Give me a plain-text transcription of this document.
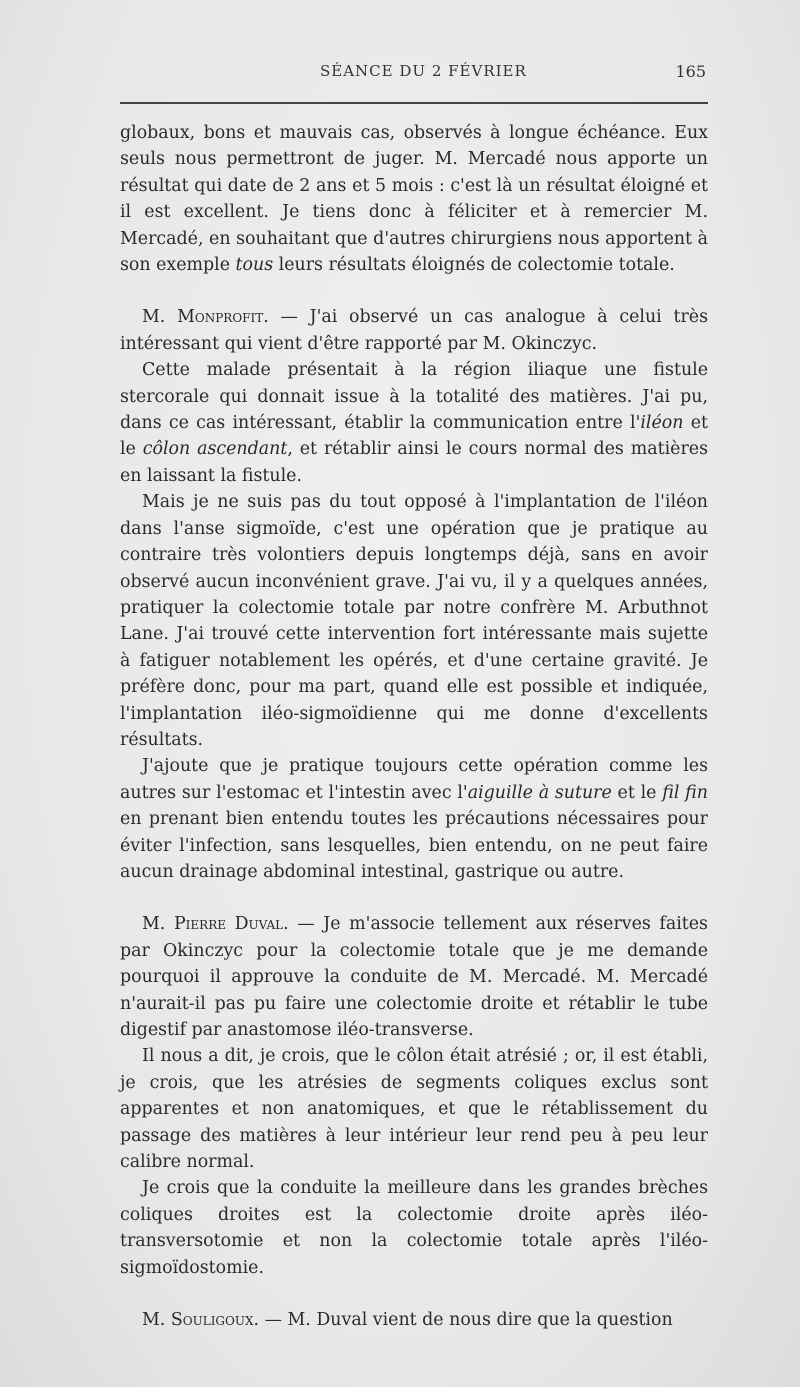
SÉANCE DU 2 FÉVRIER	165

globaux, bons et mauvais cas, observés à longue échéance. Eux seuls nous permettront de juger. M. Mercadé nous apporte un résultat qui date de 2 ans et 5 mois : c'est là un résultat éloigné et il est excellent. Je tiens donc à féliciter et à remercier M. Mercadé, en souhaitant que d'autres chirurgiens nous apportent à son exemple tous leurs résultats éloignés de colectomie totale.

M. Monprofit. — J'ai observé un cas analogue à celui très intéressant qui vient d'être rapporté par M. Okinczyc.

Cette malade présentait à la région iliaque une fistule stercorale qui donnait issue à la totalité des matières. J'ai pu, dans ce cas intéressant, établir la communication entre l'iléon et le côlon ascendant, et rétablir ainsi le cours normal des matières en laissant la fistule.

Mais je ne suis pas du tout opposé à l'implantation de l'iléon dans l'anse sigmoïde, c'est une opération que je pratique au contraire très volontiers depuis longtemps déjà, sans en avoir observé aucun inconvénient grave. J'ai vu, il y a quelques années, pratiquer la colectomie totale par notre confrère M. Arbuthnot Lane. J'ai trouvé cette intervention fort intéressante mais sujette à fatiguer notablement les opérés, et d'une certaine gravité. Je préfère donc, pour ma part, quand elle est possible et indiquée, l'implantation iléo-sigmoïdienne qui me donne d'excellents résultats.

J'ajoute que je pratique toujours cette opération comme les autres sur l'estomac et l'intestin avec l'aiguille à suture et le fil fin en prenant bien entendu toutes les précautions nécessaires pour éviter l'infection, sans lesquelles, bien entendu, on ne peut faire aucun drainage abdominal intestinal, gastrique ou autre.

M. Pierre Duval. — Je m'associe tellement aux réserves faites par Okinczyc pour la colectomie totale que je me demande pourquoi il approuve la conduite de M. Mercadé. M. Mercadé n'aurait-il pas pu faire une colectomie droite et rétablir le tube digestif par anastomose iléo-transverse.

Il nous a dit, je crois, que le côlon était atrésié ; or, il est établi, je crois, que les atrésies de segments coliques exclus sont apparentes et non anatomiques, et que le rétablissement du passage des matières à leur intérieur leur rend peu à peu leur calibre normal.

Je crois que la conduite la meilleure dans les grandes brèches coliques droites est la colectomie droite après iléo-transversotomie et non la colectomie totale après l'iléo-sigmoïdostomie.

M. Souligoux. — M. Duval vient de nous dire que la question
